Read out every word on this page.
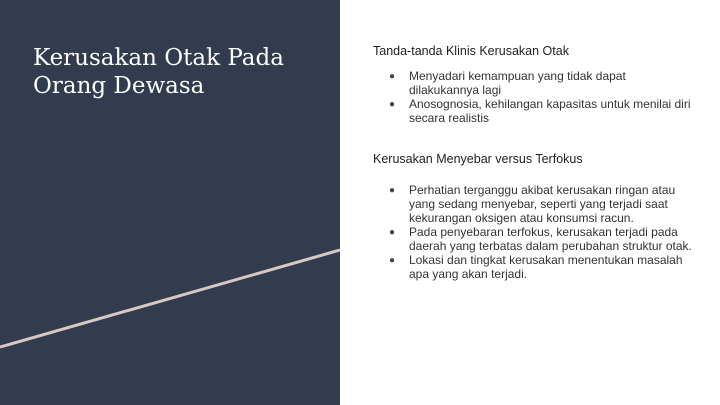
Kerusakan Otak Pada Orang Dewasa
Tanda-tanda Klinis Kerusakan Otak
● Menyadari kemampuan yang tidak dapat dilakukannya lagi
● Anosognosia, kehilangan kapasitas untuk menilai diri secara realistis
Kerusakan Menyebar versus Terfokus
● Perhatian terganggu akibat kerusakan ringan atau yang sedang menyebar, seperti yang terjadi saat kekurangan oksigen atau konsumsi racun.
● Pada penyebaran terfokus, kerusakan terjadi pada daerah yang terbatas dalam perubahan struktur otak.
● Lokasi dan tingkat kerusakan menentukan masalah apa yang akan terjadi.
